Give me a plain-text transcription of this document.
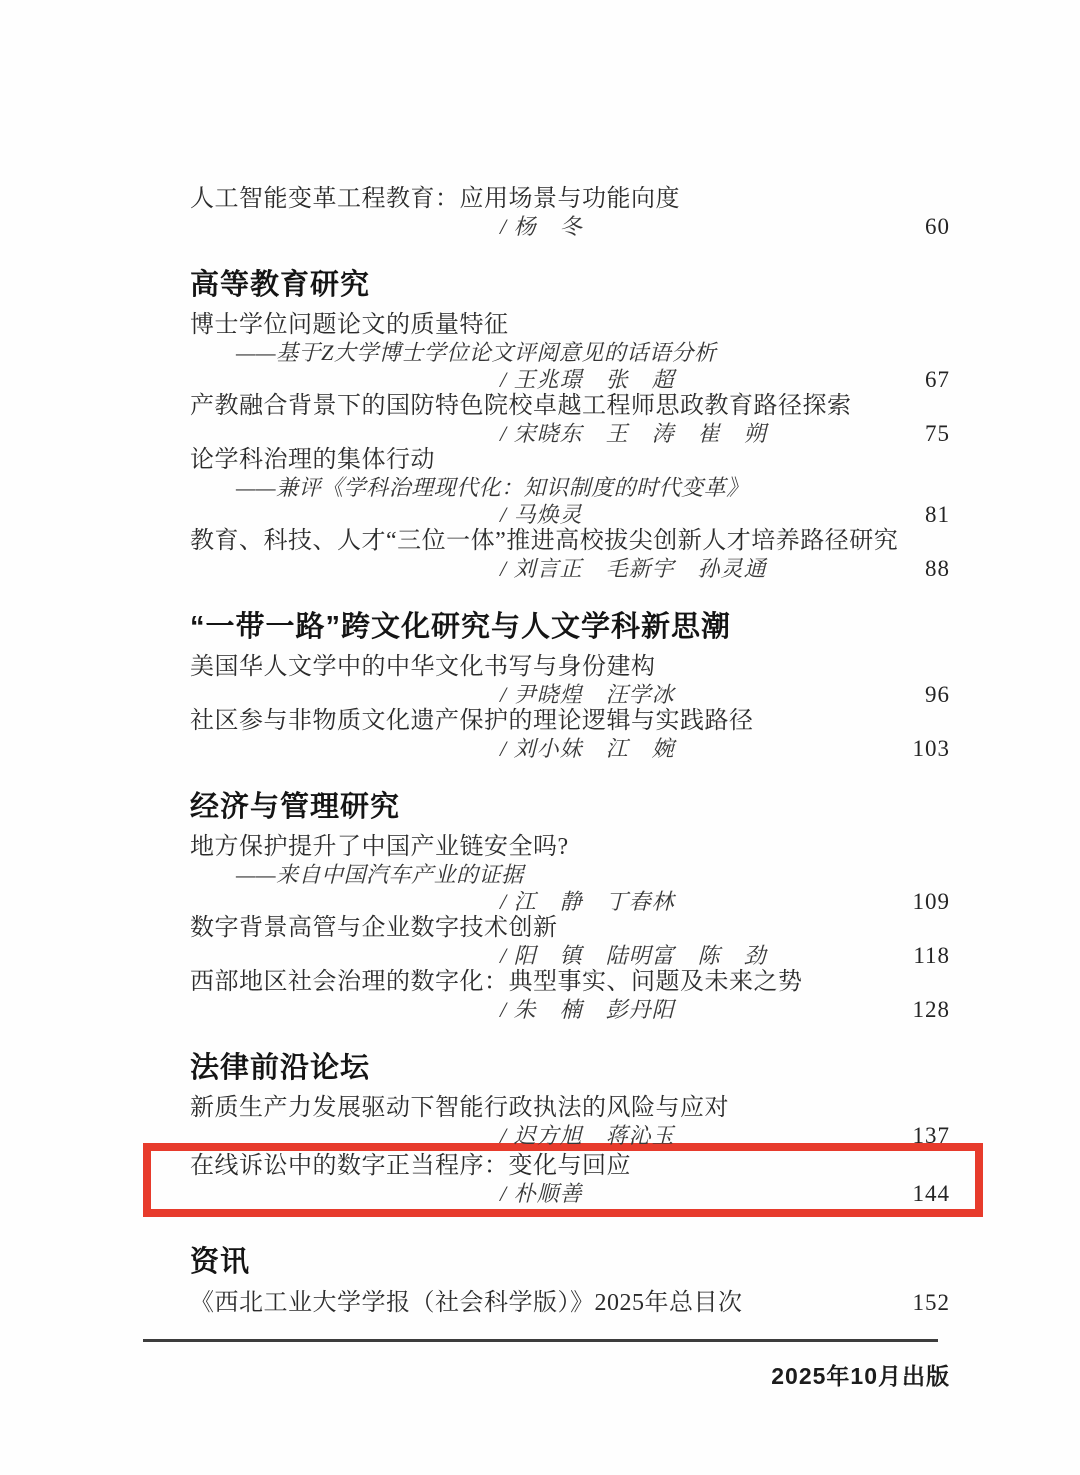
人工智能变革工程教育：应用场景与功能向度
/ 杨　冬	60
高等教育研究
博士学位问题论文的质量特征
——基于Z大学博士学位论文评阅意见的话语分析
/ 王兆璟　张　超	67
产教融合背景下的国防特色院校卓越工程师思政教育路径探索
/ 宋晓东　王　涛　崔　朔	75
论学科治理的集体行动
——兼评《学科治理现代化：知识制度的时代变革》
/ 马焕灵	81
教育、科技、人才“三位一体”推进高校拔尖创新人才培养路径研究
/ 刘言正　毛新宇　孙灵通	88
“一带一路”跨文化研究与人文学科新思潮
美国华人文学中的中华文化书写与身份建构
/ 尹晓煌　汪学冰	96
社区参与非物质文化遗产保护的理论逻辑与实践路径
/ 刘小妹　江　婉	103
经济与管理研究
地方保护提升了中国产业链安全吗?
——来自中国汽车产业的证据
/ 江　静　丁春林	109
数字背景高管与企业数字技术创新
/ 阳　镇　陆明富　陈　劲	118
西部地区社会治理的数字化：典型事实、问题及未来之势
/ 朱　楠　彭丹阳	128
法律前沿论坛
新质生产力发展驱动下智能行政执法的风险与应对
/ 迟方旭　蒋沁玉	137
在线诉讼中的数字正当程序：变化与回应
/ 朴顺善	144
资讯
《西北工业大学学报（社会科学版）》2025年总目次	152
2025年10月出版
